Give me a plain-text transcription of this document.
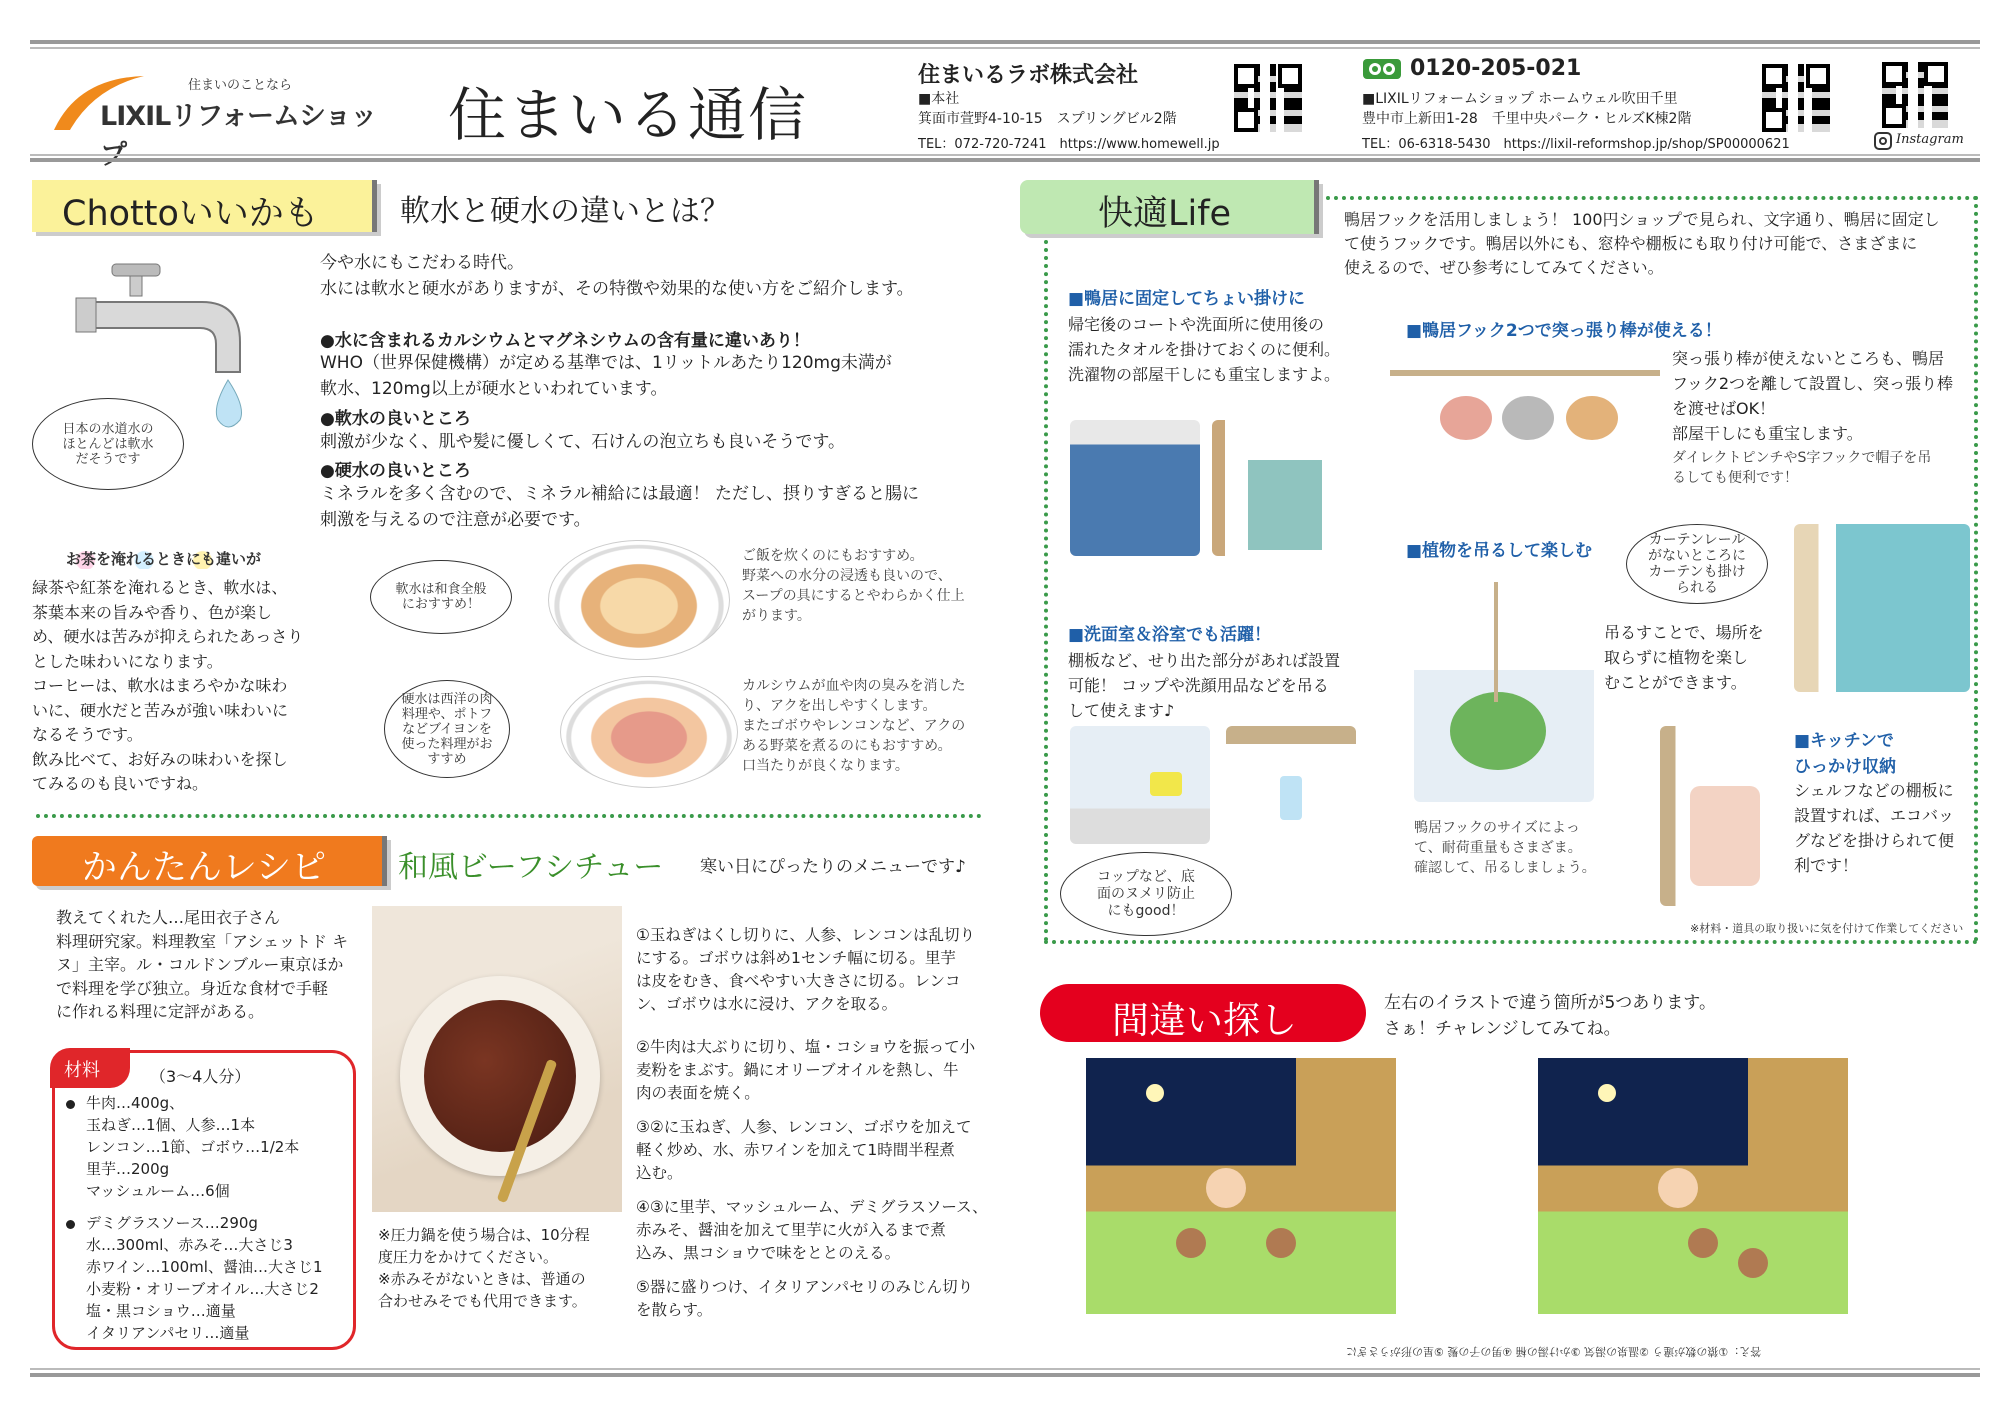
住まいのことなら
LIXILリフォームショッ	住まいる通信
住まいるラボ株式会社
■本社
箕面市萱野4-10-15　スプリングビル2階
TEL：072-720-7241　https://www.homewell.jp
0120-205-021
■LIXILリフォームショップ ホームウェル吹田千里
豊中市上新田1-28　千里中央パーク・ヒルズK棟2階
TEL：06-6318-5430　https://lixil-reformshop.jp/shop/SP00000621	Instagram
Chottoいいかも	軟水と硬水の違いとは？
日本の水道水の
ほとんどは軟水
だそうです
今や水にもこだわる時代。
水には軟水と硬水がありますが、その特徴や効果的な使い方をご紹介します。
●水に含まれるカルシウムとマグネシウムの含有量に違いあり！
WHO（世界保健機構）が定める基準では、1リットルあたり120mg未満が
軟水、120mg以上が硬水といわれています。
●軟水の良いところ
刺激が少なく、肌や髪に優しくて、石けんの泡立ちも良いそうです。
●硬水の良いところ
ミネラルを多く含むので、ミネラル補給には最適！ ただし、摂りすぎると腸に
刺激を与えるので注意が必要です。
お茶を淹れるときにも違いが
緑茶や紅茶を淹れるとき、軟水は、
茶葉本来の旨みや香り、色が楽し
め、硬水は苦みが抑えられたあっさり
とした味わいになります。
コーヒーは、軟水はまろやかな味わ
いに、硬水だと苦みが強い味わいに
なるそうです。
飲み比べて、お好みの味わいを探し
てみるのも良いですね。
軟水は和食全般
におすすめ！
ご飯を炊くのにもおすすめ。
野菜への水分の浸透も良いので、
スープの具にするとやわらかく仕上
がります。
硬水は西洋の肉
料理や、ポトフ
などブイヨンを
使った料理がお
すすめ
カルシウムが血や肉の臭みを消した
り、アクを出しやすくします。
またゴボウやレンコンなど、アクの
ある野菜を煮るのにもおすすめ。
口当たりが良くなります。
かんたんレシピ 和風ビーフシチュー 寒い日にぴったりのメニューです♪
教えてくれた人…尾田衣子さん
料理研究家。料理教室「アシェットド キ
ヌ」主宰。ル・コルドンブルー東京ほか
で料理を学び独立。身近な食材で手軽
に作れる料理に定評がある。
材料	（3～4人分）
牛肉…400g、
玉ねぎ…1個、人参…1本
レンコン…1節、ゴボウ…1/2本
里芋…200g
マッシュルーム…6個
デミグラスソース…290g
水…300ml、赤みそ…大さじ3
赤ワイン…100ml、醤油…大さじ1
小麦粉・オリーブオイル…大さじ2
塩・黒コショウ…適量
イタリアンパセリ…適量
※圧力鍋を使う場合は、10分程
度圧力をかけてください。
※赤みそがないときは、普通の
合わせみそでも代用できます。
①玉ねぎはくし切りに、人参、レンコンは乱切り
にする。ゴボウは斜め1センチ幅に切る。里芋
は皮をむき、食べやすい大きさに切る。レンコ
ン、ゴボウは水に浸け、アクを取る。
②牛肉は大ぶりに切り、塩・コショウを振って小
麦粉をまぶす。鍋にオリーブオイルを熱し、牛
肉の表面を焼く。
③②に玉ねぎ、人参、レンコン、ゴボウを加えて
軽く炒め、水、赤ワインを加えて1時間半程煮
込む。
④③に里芋、マッシュルーム、デミグラスソース、
赤みそ、醤油を加えて里芋に火が入るまで煮
込み、黒コショウで味をととのえる。
⑤器に盛りつけ、イタリアンパセリのみじん切り
を散らす。
快適Life	鴨居フックを活用しましょう！ 100円ショップで見られ、文字通り、鴨居に固定し
て使うフックです。鴨居以外にも、窓枠や棚板にも取り付け可能で、さまざまに
使えるので、ぜひ参考にしてみてください。
■鴨居に固定してちょい掛けに
帰宅後のコートや洗面所に使用後の
濡れたタオルを掛けておくのに便利。
洗濯物の部屋干しにも重宝しますよ。
■鴨居フック2つで突っ張り棒が使える！
突っ張り棒が使えないところも、鴨居
フック2つを離して設置し、突っ張り棒
を渡せばOK！
部屋干しにも重宝します。
ダイレクトピンチやS字フックで帽子を吊
るしても便利です！
■植物を吊るして楽しむ
カーテンレール
がないところに
カーテンも掛け
られる
吊るすことで、場所を
取らずに植物を楽し
むことができます。
■洗面室＆浴室でも活躍！
棚板など、せり出た部分があれば設置
可能！ コップや洗顔用品などを吊る
して使えます♪
コップなど、底
面のヌメリ防止
にもgood！
鴨居フックのサイズによっ
て、耐荷重量もさまざま。
確認して、吊るしましょう。
■キッチンで
ひっかけ収納
シェルフなどの棚板に
設置すれば、エコバッ
グなどを掛けられて便
利です！
※材料・道具の取り扱いに気を付けて作業してください
間違い探し	左右のイラストで違う箇所が5つあります。
さぁ！チャレンジしてみてね。
答え：①猿の数が違う ②温泉の湯気 ③かけ湯の桶 ④男の子の髪 ⑤星の形がうさぎに
